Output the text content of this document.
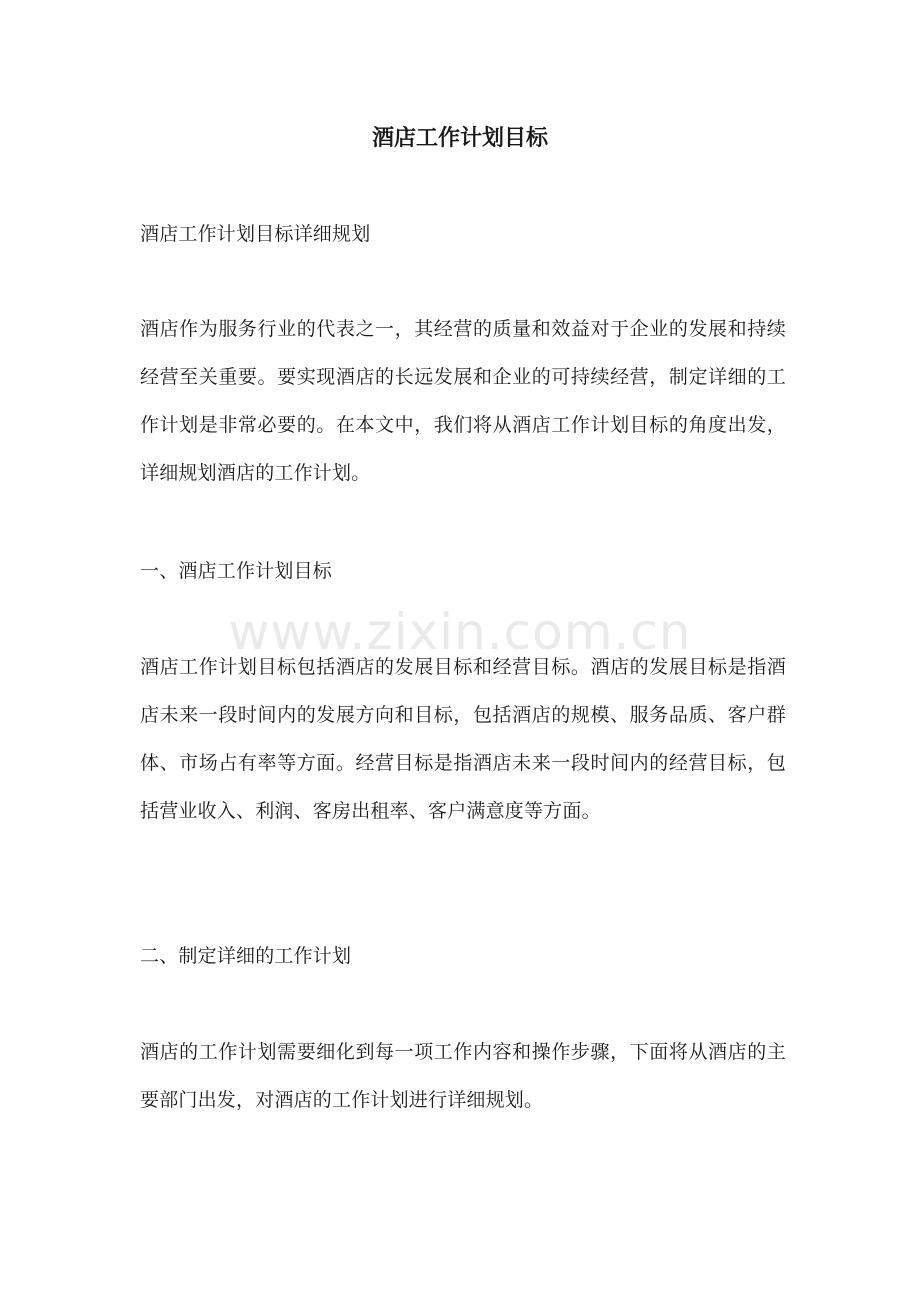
酒店工作计划目标

酒店工作计划目标详细规划

酒店作为服务行业的代表之一，其经营的质量和效益对于企业的发展和持续经营至关重要。要实现酒店的长远发展和企业的可持续经营，制定详细的工作计划是非常必要的。在本文中，我们将从酒店工作计划目标的角度出发，详细规划酒店的工作计划。

一、酒店工作计划目标

www.zixin.com.cn

酒店工作计划目标包括酒店的发展目标和经营目标。酒店的发展目标是指酒店未来一段时间内的发展方向和目标，包括酒店的规模、服务品质、客户群体、市场占有率等方面。经营目标是指酒店未来一段时间内的经营目标，包括营业收入、利润、客房出租率、客户满意度等方面。

二、制定详细的工作计划

酒店的工作计划需要细化到每一项工作内容和操作步骤，下面将从酒店的主要部门出发，对酒店的工作计划进行详细规划。
